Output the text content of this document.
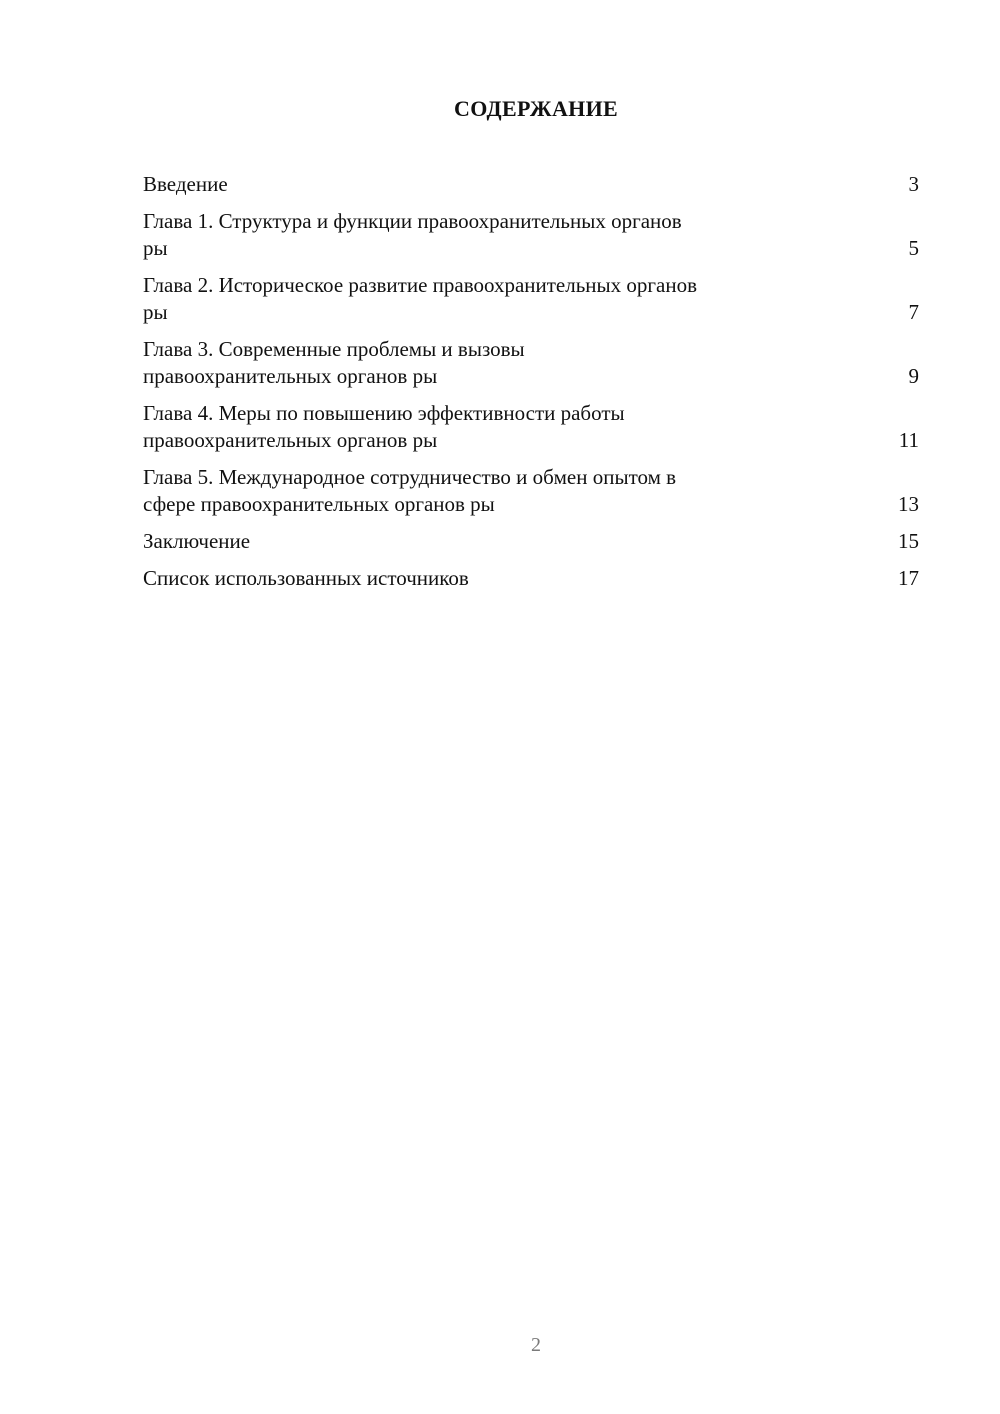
СОДЕРЖАНИЕ
Введение	3
Глава 1. Структура и функции правоохранительных органов
ры	5
Глава 2. Историческое развитие правоохранительных органов
ры	7
Глава 3. Современные проблемы и вызовы
правоохранительных органов ры	9
Глава 4. Меры по повышению эффективности работы
правоохранительных органов ры	11
Глава 5. Международное сотрудничество и обмен опытом в
сфере правоохранительных органов ры	13
Заключение	15
Список использованных источников	17
2
